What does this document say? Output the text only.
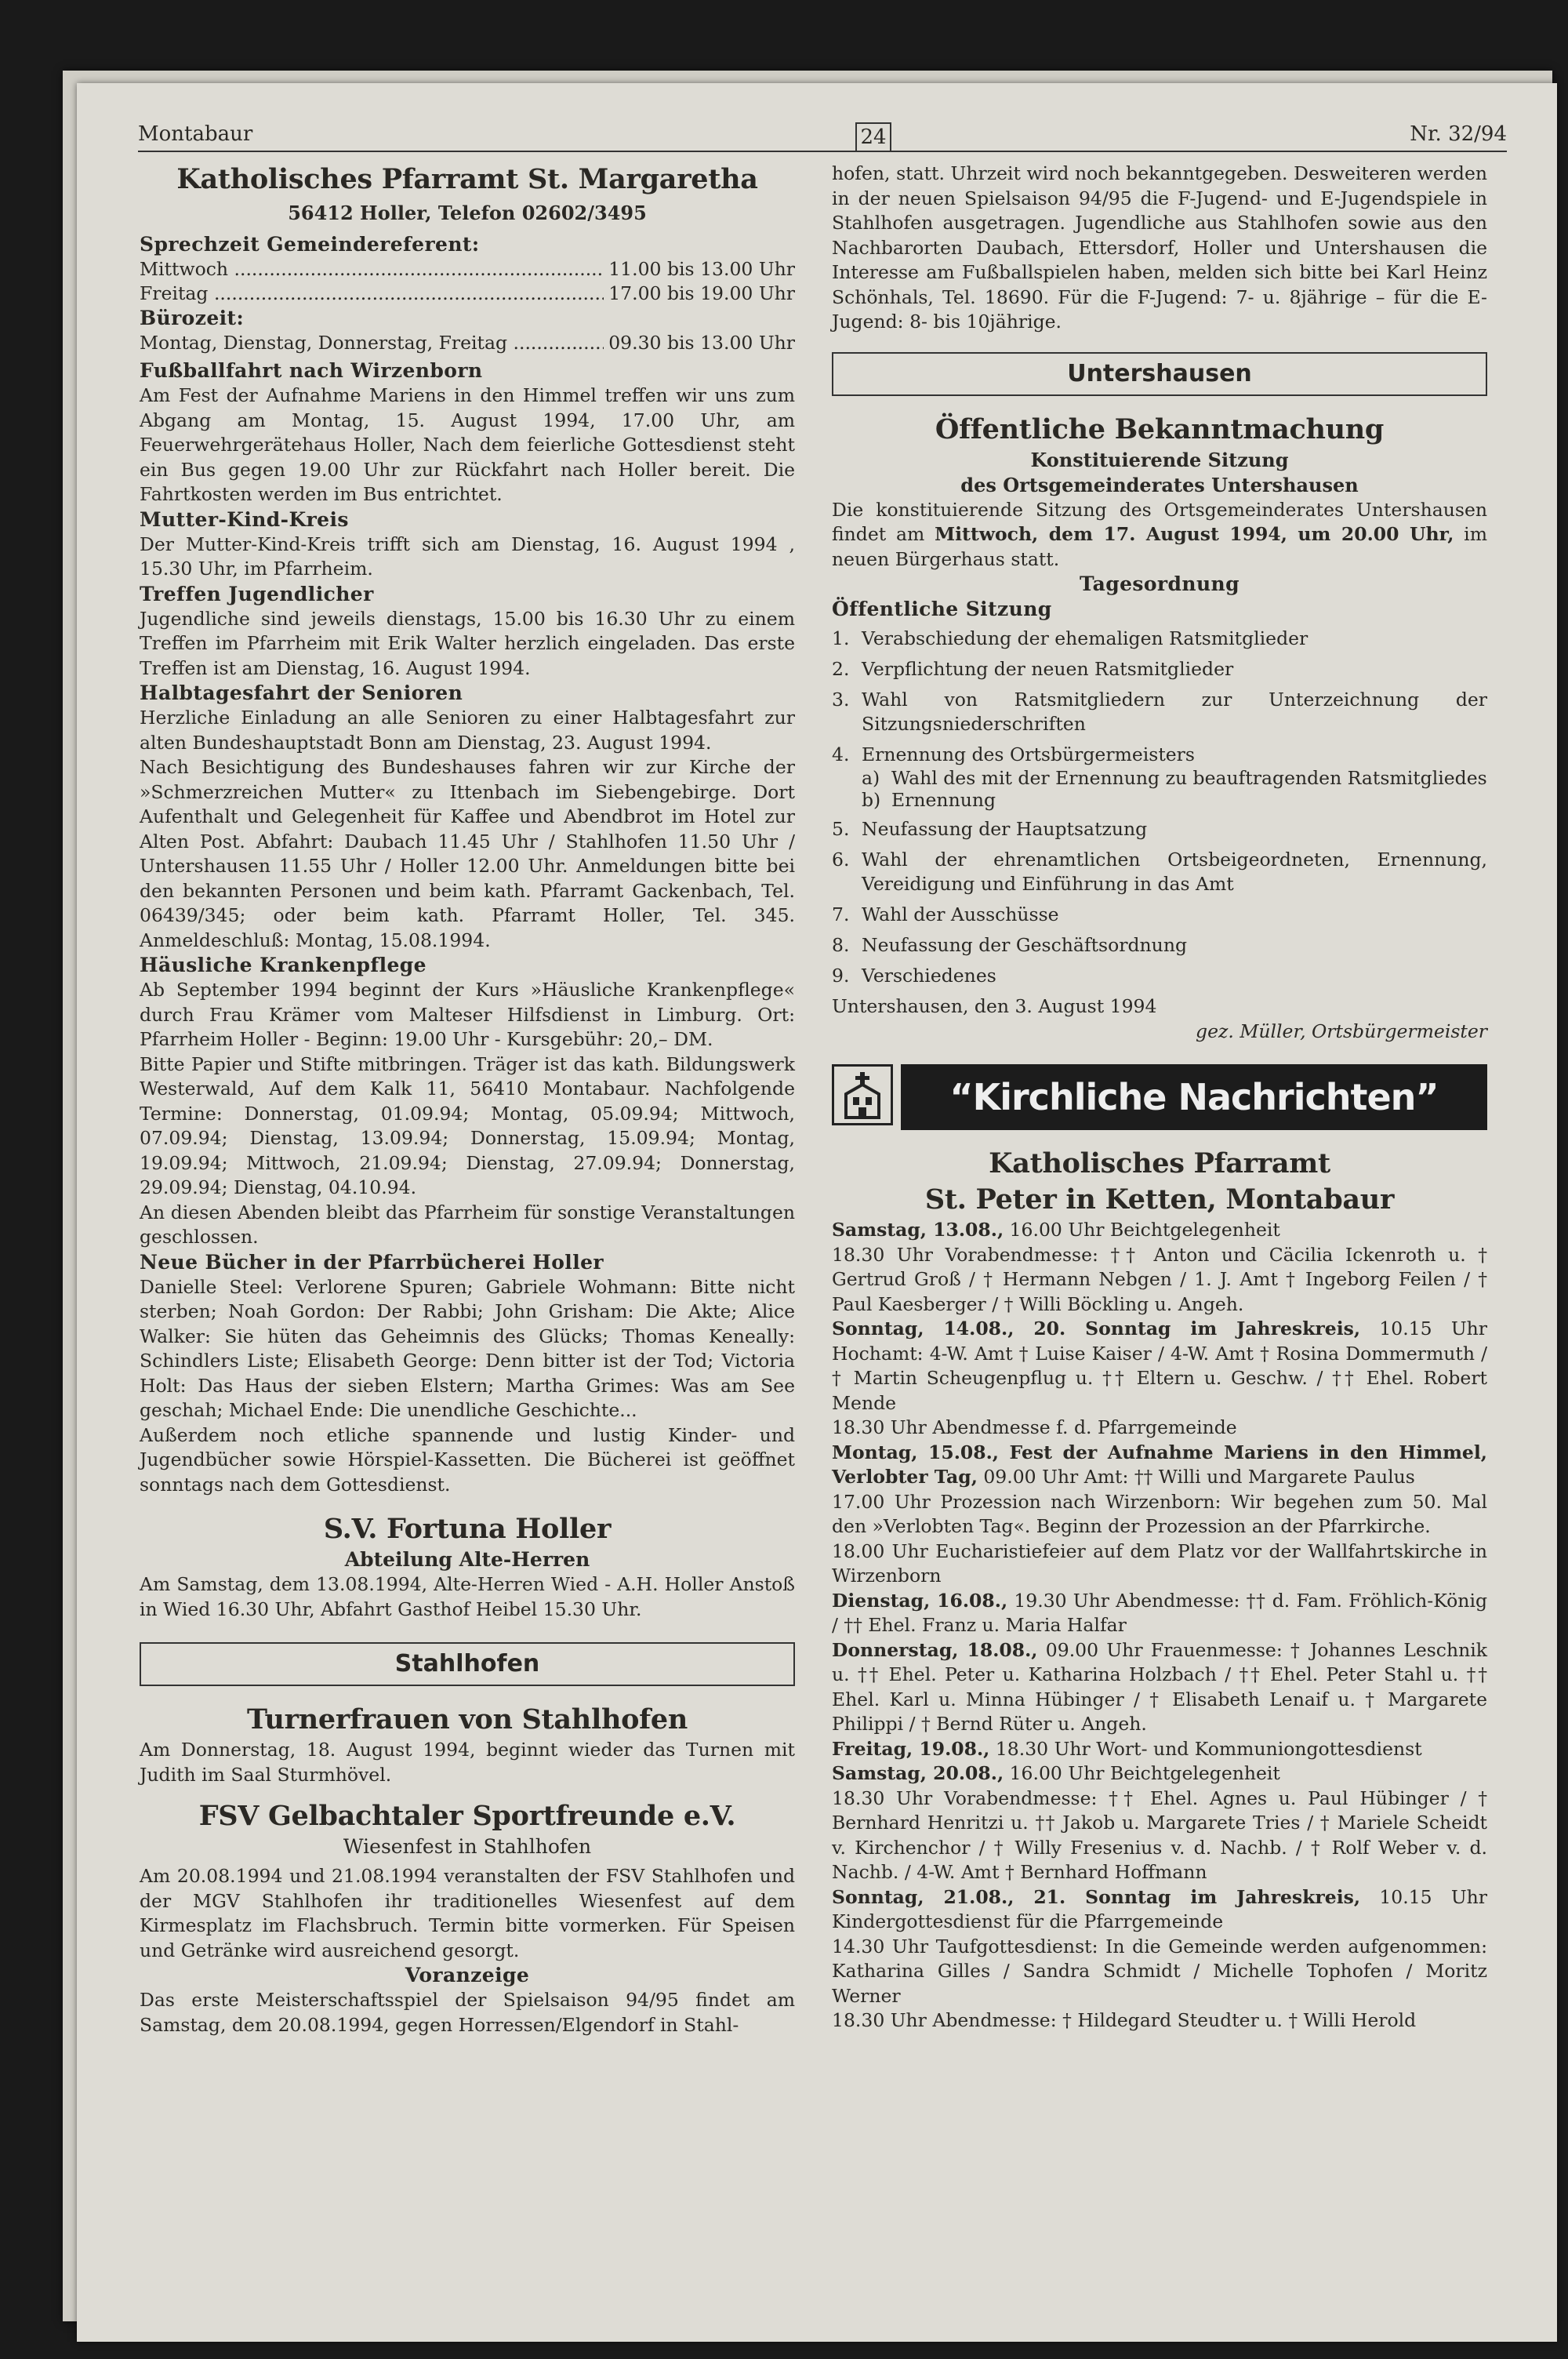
Montabaur	24	Nr. 32/94
Katholisches Pfarramt St. Margaretha
56412 Holler, Telefon 02602/3495
Sprechzeit Gemeindereferent:
Mittwoch .....	11.00 bis 13.00 Uhr
Freitag .....	17.00 bis 19.00 Uhr
Bürozeit:
Montag, Dienstag, Donnerstag, Freitag .....	09.30 bis 13.00 Uhr
Fußballfahrt nach Wirzenborn

Am Fest der Aufnahme Mariens in den Himmel treffen wir uns zum Abgang am Montag, 15. August 1994, 17.00 Uhr, am Feuerwehrgerätehaus Holler, Nach dem feierliche Gottesdienst steht ein Bus gegen 19.00 Uhr zur Rückfahrt nach Holler bereit. Die Fahrtkosten werden im Bus entrichtet.

Mutter-Kind-Kreis

Der Mutter-Kind-Kreis trifft sich am Dienstag, 16. August 1994 , 15.30 Uhr, im Pfarrheim.

Treffen Jugendlicher

Jugendliche sind jeweils dienstags, 15.00 bis 16.30 Uhr zu einem Treffen im Pfarrheim mit Erik Walter herzlich eingeladen. Das erste Treffen ist am Dienstag, 16. August 1994.

Halbtagesfahrt der Senioren

Herzliche Einladung an alle Senioren zu einer Halbtagesfahrt zur alten Bundeshauptstadt Bonn am Dienstag, 23. August 1994.

Nach Besichtigung des Bundeshauses fahren wir zur Kirche der »Schmerzreichen Mutter« zu Ittenbach im Siebengebirge. Dort Aufenthalt und Gelegenheit für Kaffee und Abendbrot im Hotel zur Alten Post. Abfahrt: Daubach 11.45 Uhr / Stahlhofen 11.50 Uhr / Untershausen 11.55 Uhr / Holler 12.00 Uhr. Anmeldungen bitte bei den bekannten Personen und beim kath. Pfarramt Gackenbach, Tel. 06439/345; oder beim kath. Pfarramt Holler, Tel. 345. Anmeldeschluß: Montag, 15.08.1994.

Häusliche Krankenpflege

Ab September 1994 beginnt der Kurs »Häusliche Krankenpflege« durch Frau Krämer vom Malteser Hilfsdienst in Limburg. Ort: Pfarrheim Holler - Beginn: 19.00 Uhr - Kursgebühr: 20,– DM.

Bitte Papier und Stifte mitbringen. Träger ist das kath. Bildungswerk Westerwald, Auf dem Kalk 11, 56410 Montabaur. Nachfolgende Termine: Donnerstag, 01.09.94; Montag, 05.09.94; Mittwoch, 07.09.94; Dienstag, 13.09.94; Donnerstag, 15.09.94; Montag, 19.09.94; Mittwoch, 21.09.94; Dienstag, 27.09.94; Donnerstag, 29.09.94; Dienstag, 04.10.94.

An diesen Abenden bleibt das Pfarrheim für sonstige Veranstaltungen geschlossen.

Neue Bücher in der Pfarrbücherei Holler

Danielle Steel: Verlorene Spuren; Gabriele Wohmann: Bitte nicht sterben; Noah Gordon: Der Rabbi; John Grisham: Die Akte; Alice Walker: Sie hüten das Geheimnis des Glücks; Thomas Keneally: Schindlers Liste; Elisabeth George: Denn bitter ist der Tod; Victoria Holt: Das Haus der sieben Elstern; Martha Grimes: Was am See geschah; Michael Ende: Die unendliche Geschichte...

Außerdem noch etliche spannende und lustig Kinder- und Jugendbücher sowie Hörspiel-Kassetten. Die Bücherei ist geöffnet sonntags nach dem Gottesdienst.

S.V. Fortuna Holler
Abteilung Alte-Herren

Am Samstag, dem 13.08.1994, Alte-Herren Wied - A.H. Holler Anstoß in Wied 16.30 Uhr, Abfahrt Gasthof Heibel 15.30 Uhr.

Stahlhofen
Turnerfrauen von Stahlhofen

Am Donnerstag, 18. August 1994, beginnt wieder das Turnen mit Judith im Saal Sturmhövel.

FSV Gelbachtaler Sportfreunde e.V.
Wiesenfest in Stahlhofen

Am 20.08.1994 und 21.08.1994 veranstalten der FSV Stahlhofen und der MGV Stahlhofen ihr traditionelles Wiesenfest auf dem Kirmesplatz im Flachsbruch. Termin bitte vormerken. Für Speisen und Getränke wird ausreichend gesorgt.

Voranzeige

Das erste Meisterschaftsspiel der Spielsaison 94/95 findet am Samstag, dem 20.08.1994, gegen Horressen/Elgendorf in Stahl-

hofen, statt. Uhrzeit wird noch bekanntgegeben. Desweiteren werden in der neuen Spielsaison 94/95 die F-Jugend- und E-Jugendspiele in Stahlhofen ausgetragen. Jugendliche aus Stahlhofen sowie aus den Nachbarorten Daubach, Ettersdorf, Holler und Untershausen die Interesse am Fußballspielen haben, melden sich bitte bei Karl Heinz Schönhals, Tel. 18690. Für die F-Jugend: 7- u. 8jährige – für die E-Jugend: 8- bis 10jährige.

Untershausen
Öffentliche Bekanntmachung
Konstituierende Sitzung
des Ortsgemeinderates Untershausen

Die konstituierende Sitzung des Ortsgemeinderates Untershausen findet am Mittwoch, dem 17. August 1994, um 20.00 Uhr, im neuen Bürgerhaus statt.

Tagesordnung
Öffentliche Sitzung
1. Verabschiedung der ehemaligen Ratsmitglieder
2. Verpflichtung der neuen Ratsmitglieder
3. Wahl von Ratsmitgliedern zur Unterzeichnung der Sitzungsniederschriften
4. Ernennung des Ortsbürgermeisters
a) Wahl des mit der Ernennung zu beauftragenden Ratsmitgliedes
b) Ernennung
5. Neufassung der Hauptsatzung
6. Wahl der ehrenamtlichen Ortsbeigeordneten, Ernennung, Vereidigung und Einführung in das Amt
7. Wahl der Ausschüsse
8. Neufassung der Geschäftsordnung
9. Verschiedenes

Untershausen, den 3. August 1994

gez. Müller, Ortsbürgermeister

“Kirchliche Nachrichten”
Katholisches Pfarramt
St. Peter in Ketten, Montabaur

Samstag, 13.08., 16.00 Uhr Beichtgelegenheit

18.30 Uhr Vorabendmesse: †† Anton und Cäcilia Ickenroth u. † Gertrud Groß / † Hermann Nebgen / 1. J. Amt † Ingeborg Feilen / † Paul Kaesberger / † Willi Böckling u. Angeh.

Sonntag, 14.08., 20. Sonntag im Jahreskreis, 10.15 Uhr Hochamt: 4-W. Amt † Luise Kaiser / 4-W. Amt † Rosina Dommermuth / † Martin Scheugenpflug u. †† Eltern u. Geschw. / †† Ehel. Robert Mende

18.30 Uhr Abendmesse f. d. Pfarrgemeinde

Montag, 15.08., Fest der Aufnahme Mariens in den Himmel, Verlobter Tag, 09.00 Uhr Amt: †† Willi und Margarete Paulus

17.00 Uhr Prozession nach Wirzenborn: Wir begehen zum 50. Mal den »Verlobten Tag«. Beginn der Prozession an der Pfarrkirche.

18.00 Uhr Eucharistiefeier auf dem Platz vor der Wallfahrtskirche in Wirzenborn

Dienstag, 16.08., 19.30 Uhr Abendmesse: †† d. Fam. Fröhlich-König / †† Ehel. Franz u. Maria Halfar

Donnerstag, 18.08., 09.00 Uhr Frauenmesse: † Johannes Leschnik u. †† Ehel. Peter u. Katharina Holzbach / †† Ehel. Peter Stahl u. †† Ehel. Karl u. Minna Hübinger / † Elisabeth Lenaif u. † Margarete Philippi / † Bernd Rüter u. Angeh.

Freitag, 19.08., 18.30 Uhr Wort- und Kommuniongottesdienst

Samstag, 20.08., 16.00 Uhr Beichtgelegenheit

18.30 Uhr Vorabendmesse: †† Ehel. Agnes u. Paul Hübinger / † Bernhard Henritzi u. †† Jakob u. Margarete Tries / † Mariele Scheidt v. Kirchenchor / † Willy Fresenius v. d. Nachb. / † Rolf Weber v. d. Nachb. / 4-W. Amt † Bernhard Hoffmann

Sonntag, 21.08., 21. Sonntag im Jahreskreis, 10.15 Uhr Kindergottesdienst für die Pfarrgemeinde

14.30 Uhr Taufgottesdienst: In die Gemeinde werden aufgenommen: Katharina Gilles / Sandra Schmidt / Michelle Tophofen / Moritz Werner

18.30 Uhr Abendmesse: † Hildegard Steudter u. † Willi Herold
